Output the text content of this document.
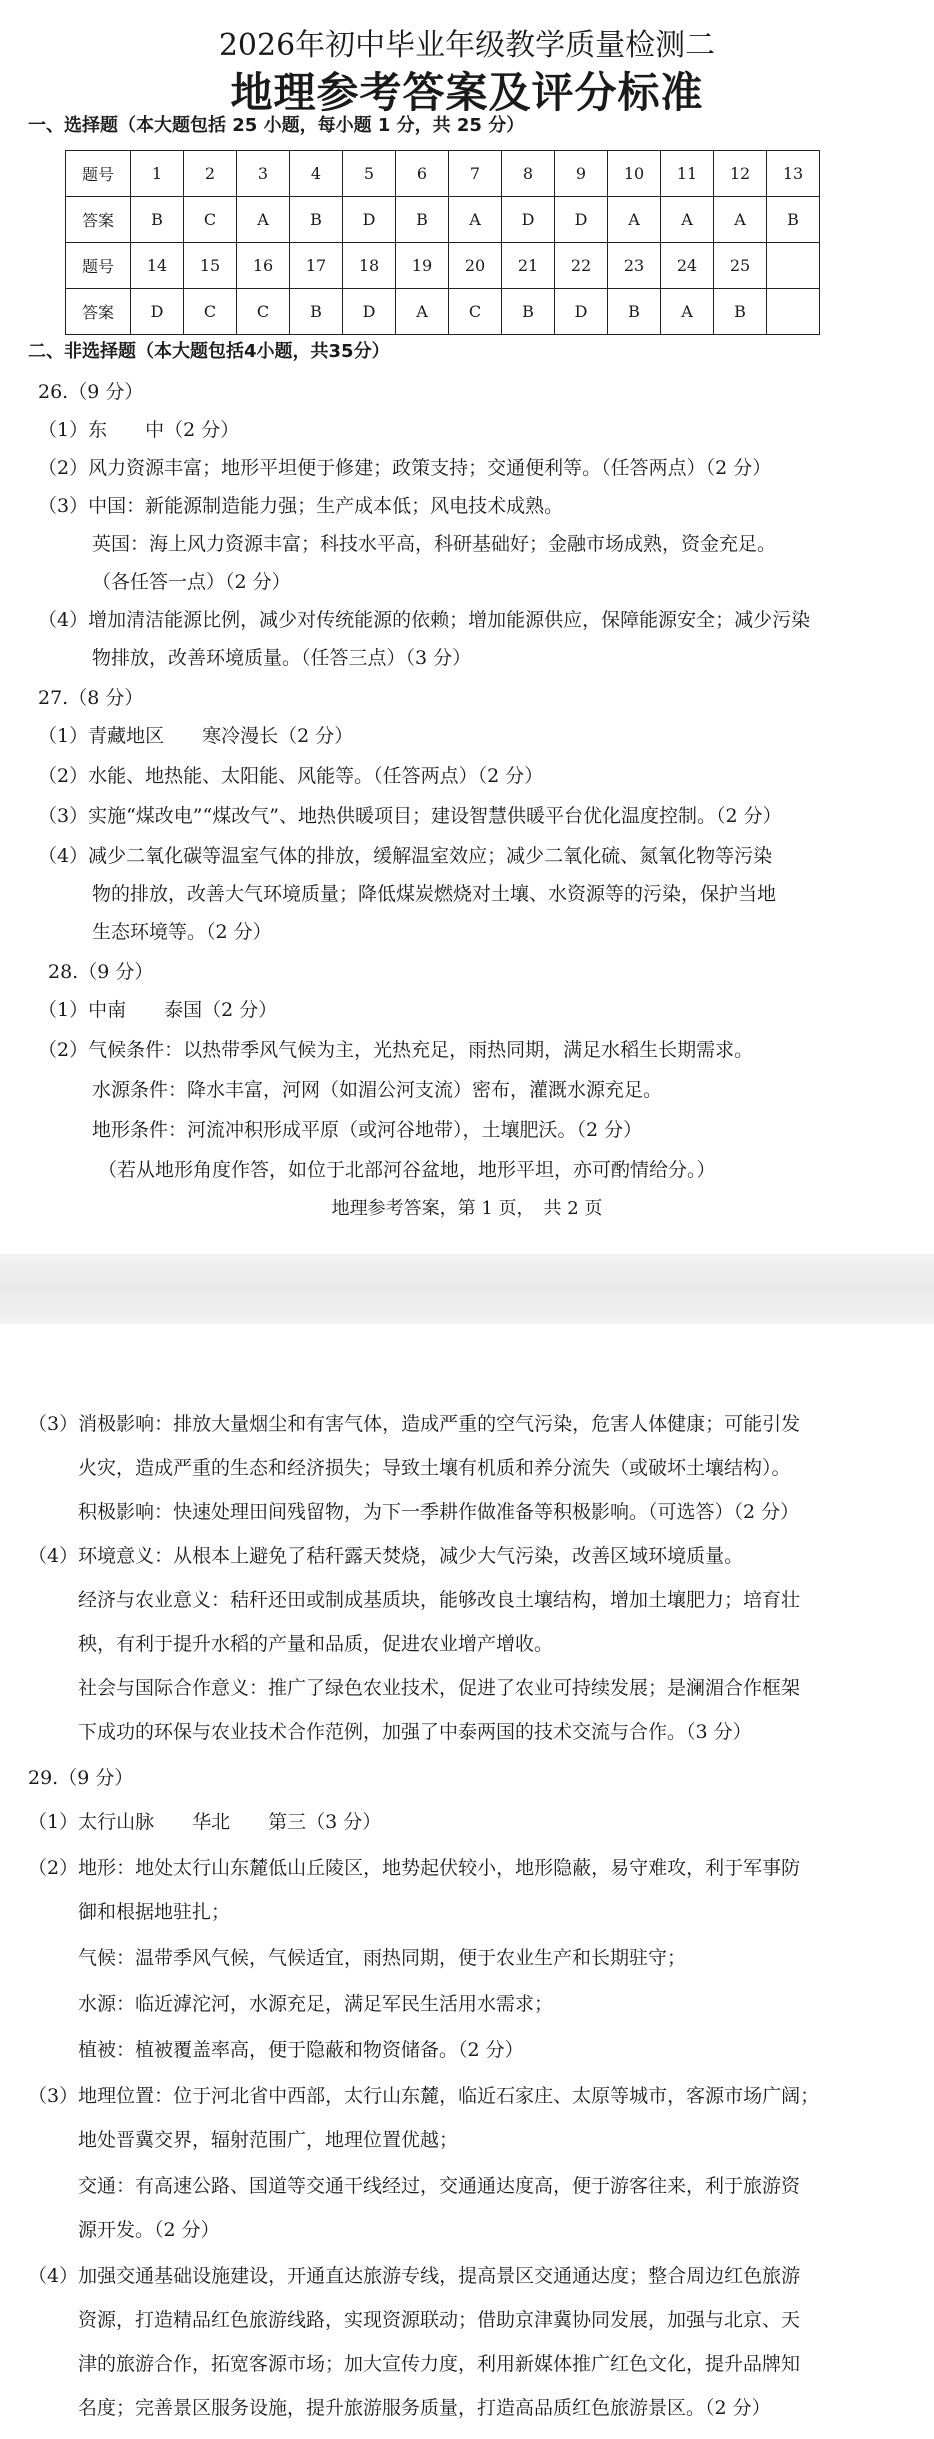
2026年初中毕业年级教学质量检测二
地理参考答案及评分标准
一、选择题（本大题包括 25 小题，每小题 1 分，共 25 分）
题号	1	2	3	4	5	6	7	8	9	10	11	12	13
答案	B	C	A	B	D	B	A	D	D	A	A	A	B
题号	14	15	16	17	18	19	20	21	22	23	24	25	
答案	D	C	C	B	D	A	C	B	D	B	A	B	
二、非选择题（本大题包括4小题，共35分）
26.（9 分）
（1）东　　中（2 分）
（2）风力资源丰富；地形平坦便于修建；政策支持；交通便利等。（任答两点）（2 分）
（3）中国：新能源制造能力强；生产成本低；风电技术成熟。
英国：海上风力资源丰富；科技水平高，科研基础好；金融市场成熟，资金充足。
（各任答一点）（2 分）
（4）增加清洁能源比例，减少对传统能源的依赖；增加能源供应，保障能源安全；减少污染
物排放，改善环境质量。（任答三点）（3 分）
27.（8 分）
（1）青藏地区　　寒冷漫长（2 分）
（2）水能、地热能、太阳能、风能等。（任答两点）（2 分）
（3）实施“煤改电”“煤改气”、地热供暖项目；建设智慧供暖平台优化温度控制。（2 分）
（4）减少二氧化碳等温室气体的排放，缓解温室效应；减少二氧化硫、氮氧化物等污染
物的排放，改善大气环境质量；降低煤炭燃烧对土壤、水资源等的污染，保护当地
生态环境等。（2 分）
28.（9 分）
（1）中南　　泰国（2 分）
（2）气候条件：以热带季风气候为主，光热充足，雨热同期，满足水稻生长期需求。
水源条件：降水丰富，河网（如湄公河支流）密布，灌溉水源充足。
地形条件：河流冲积形成平原（或河谷地带），土壤肥沃。（2 分）
（若从地形角度作答，如位于北部河谷盆地，地形平坦，亦可酌情给分。）
地理参考答案，第 1 页，　共 2 页
（3）消极影响：排放大量烟尘和有害气体，造成严重的空气污染，危害人体健康；可能引发
火灾，造成严重的生态和经济损失；导致土壤有机质和养分流失（或破坏土壤结构）。
积极影响：快速处理田间残留物，为下一季耕作做准备等积极影响。（可选答）（2 分）
（4）环境意义：从根本上避免了秸秆露天焚烧，减少大气污染，改善区域环境质量。
经济与农业意义：秸秆还田或制成基质块，能够改良土壤结构，增加土壤肥力；培育壮
秧，有利于提升水稻的产量和品质，促进农业增产增收。
社会与国际合作意义：推广了绿色农业技术，促进了农业可持续发展；是澜湄合作框架
下成功的环保与农业技术合作范例，加强了中泰两国的技术交流与合作。（3 分）
29.（9 分）
（1）太行山脉　　华北　　第三（3 分）
（2）地形：地处太行山东麓低山丘陵区，地势起伏较小，地形隐蔽，易守难攻，利于军事防
御和根据地驻扎；
气候：温带季风气候，气候适宜，雨热同期，便于农业生产和长期驻守；
水源：临近滹沱河，水源充足，满足军民生活用水需求；
植被：植被覆盖率高，便于隐蔽和物资储备。（2 分）
（3）地理位置：位于河北省中西部，太行山东麓，临近石家庄、太原等城市，客源市场广阔；
地处晋冀交界，辐射范围广，地理位置优越；
交通：有高速公路、国道等交通干线经过，交通通达度高，便于游客往来，利于旅游资
源开发。（2 分）
（4）加强交通基础设施建设，开通直达旅游专线，提高景区交通通达度；整合周边红色旅游
资源，打造精品红色旅游线路，实现资源联动；借助京津冀协同发展，加强与北京、天
津的旅游合作，拓宽客源市场；加大宣传力度，利用新媒体推广红色文化，提升品牌知
名度；完善景区服务设施，提升旅游服务质量，打造高品质红色旅游景区。（2 分）
